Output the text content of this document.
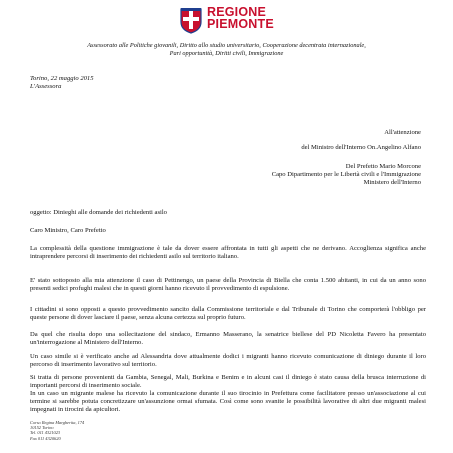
REGIONE
PIEMONTE
Assessorato alle Politiche giovanili, Diritto allo studio universitario, Cooperazione decentrata internazionale,
Pari opportunità, Diritti civili, Immigrazione
Torino, 22 maggio 2015
L'Assessora
All'attenzione
del Ministro dell'Interno On.Angelino Alfano
Del Prefetto Mario Morcone
Capo Dipartimento per le Libertà civili e l'Immigrazione
Ministero dell'Interno
oggetto: Dinieghi alle domande dei richiedenti asilo
Caro Ministro, Caro Prefetto
La complessità della questione immigrazione è tale da dover essere affrontata in tutti gli aspetti che ne derivano. Accoglienza significa anche intraprendere percorsi di inserimento dei richiedenti asilo sul territorio italiano.
E' stato sottoposto alla mia attenzione il caso di Pettinengo, un paese della Provincia di Biella che conta 1.500 abitanti, in cui da un anno sono presenti sedici profughi malesi che in questi giorni hanno ricevuto il provvedimento di espulsione.
I cittadini si sono opposti a questo provvedimento sancito dalla Commissione territoriale e dal Tribunale di Torino che comporterà l'obbligo per queste persone di dover lasciare il paese, senza alcuna certezza sul proprio futuro.
Da quel che risulta dopo una sollecitazione del sindaco, Ermanno Masserano, la senatrice biellese del PD Nicoletta Favero ha presentato un'interrogazione al Ministero dell'Interno.
Un caso simile si è verificato anche ad Alessandria dove attualmente dodici i migranti hanno ricevuto comunicazione di diniego durante il loro percorso di inserimento lavorativo sul territorio.
Si tratta di persone provenienti da Gambia, Senegal, Mali, Burkina e Benim e in alcuni casi il diniego è stato causa della brusca interruzione di importanti percorsi di inserimento sociale.
In un caso un migrante malese ha ricevuto la comunicazione durante il suo tirocinio in Prefettura come facilitatore presso un'associazione al cui termine si sarebbe potuta concretizzare un'assunzione ormai sfumata. Così come sono svanite le possibilità lavorative di altri due migranti malesi impegnati in tirocini da apicultori.
Corso Regina Margherita, 174
10152 Torino
Tel. 011 4321023
Fax 011 4320620
